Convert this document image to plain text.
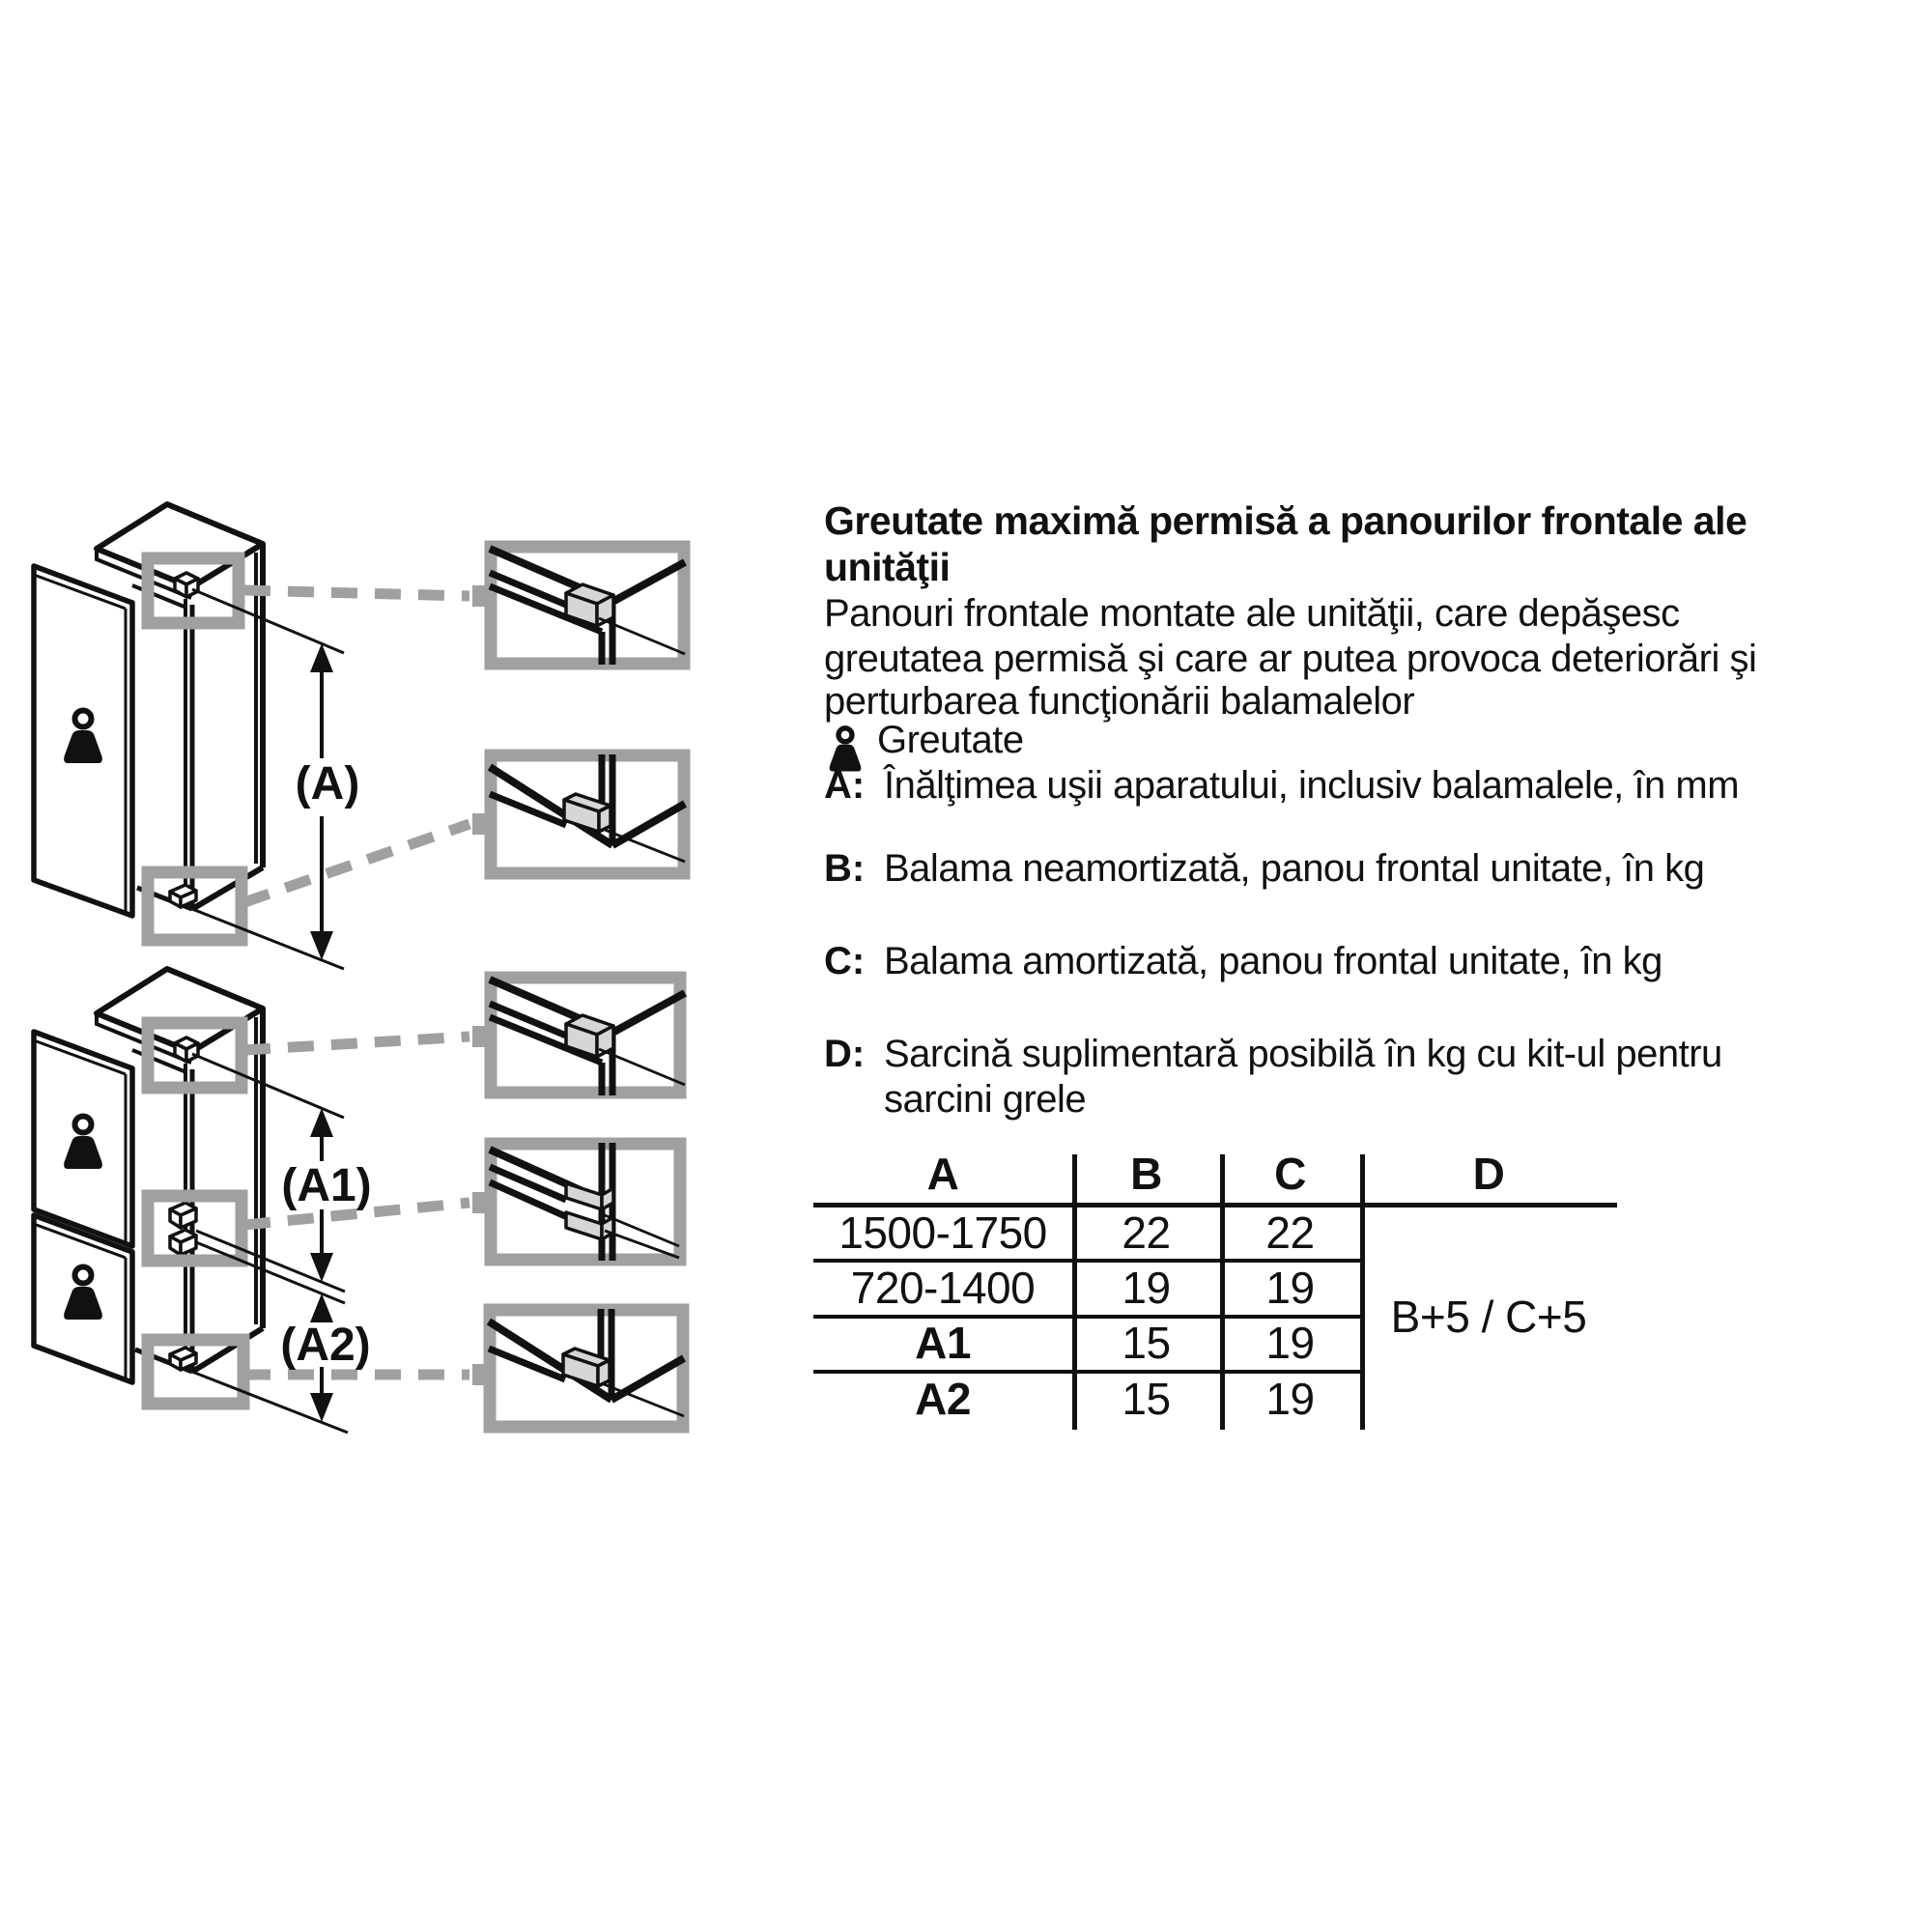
(A)
(A1)
(A2)
Greutate maximă permisă a panourilor frontale ale
unităţii
Panouri frontale montate ale unităţii, care depăşesc
greutatea permisă şi care ar putea provoca deteriorări şi
perturbarea funcţionării balamalelor
Greutate
A: Înălţimea uşii aparatului, inclusiv balamalele, în mm
B: Balama neamortizată, panou frontal unitate, în kg
C: Balama amortizată, panou frontal unitate, în kg
D: Sarcină suplimentară posibilă în kg cu kit-ul pentru
sarcini grele
A	B	C	D
1500-1750	22	22
720-1400	19	19
A1	15	19
A2	15	19
B+5 / C+5
